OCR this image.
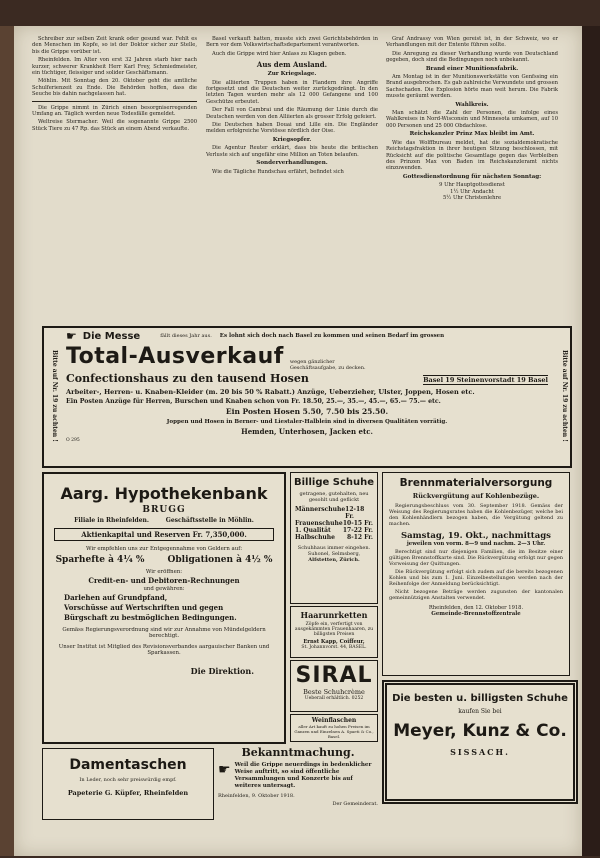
Schreiber zur selben Zeit krank oder gesund war. Fehlt es den Menschen im Kopfe, so ist der Doktor sicher zur Stelle, bis die Grippe vorüber ist.

Rheinfelden. Im Alter von erst 32 Jahren starb hier nach kurzer, schwerer Krankheit Herr Karl Frey, Schmiedmeister, ein tüchtiger, fleissiger und solider Geschäftsmann.

Möhlin. Mit Sonntag den 20. Oktober geht die amtliche Schulferienzeit zu Ende. Die Behörden hoffen, dass die Seuche bis dahin nachgelassen hat.

Die Grippe nimmt in Zürich einen besorgniserregenden Umfang an. Täglich werden neue Todesfälle gemeldet.

Weltreise Stermacher. Weil die sogenannte Grippe 2500 Stück Tiere zu 47 Rp. das Stück an einem Abend verkaufte.

Basel verkauft hatten, musste sich zwei Gerichtsbehörden in Bern vor dem Volkswirtschaftsdepartement verantworten.

Auch die Grippe wird hier Anlass zu Klagen geben.

Aus dem Ausland.
Zur Kriegslage.

Die alliierten Truppen haben in Flandern ihre Angriffe fortgesetzt und die Deutschen weiter zurückgedrängt. In den letzten Tagen wurden mehr als 12 000 Gefangene und 100 Geschütze erbeutet.

Der Fall von Cambrai und die Räumung der Linie durch die Deutschen werden von den Alliierten als grosser Erfolg gefeiert.

Die Deutschen haben Douai und Lille ein. Die Engländer melden erfolgreiche Vorstösse nördlich der Oise.

Kriegsopfer.

Die Agentur Reuter erklärt, dass bis heute die britischen Verluste sich auf ungefähr eine Million an Toten belaufen.

Sonderverhandlungen.

Wie die Tägliche Rundschau erfährt, befindet sich

Graf Andrassy von Wien gereist ist, in der Schweiz, wo er Verhandlungen mit der Entente führen sollte.

Die Anregung zu dieser Verhandlung wurde von Deutschland gegeben, doch sind die Bedingungen noch unbekannt.

Brand einer Munitionsfabrik.

Am Montag ist in der Munitionswerkstätte von Genfssing ein Brand ausgebrochen. Es gab zahlreiche Verwundete und grossen Sachschaden. Die Explosion hörte man weit herum. Die Fabrik musste geräumt werden.

Wahlkreis.

Man schätzt die Zahl der Personen, die infolge eines Wahlkreises in Nord-Wisconsin und Minnesota umkamen, auf 10 000 Personen und 25 000 Obdachlose.

Reichskanzler Prinz Max bleibt im Amt.

Wie das Wolffbureau meldet, hat die sozialdemokratische Reichstagsfraktion in ihrer heutigen Sitzung beschlossen, mit Rücksicht auf die politische Gesamtlage gegen das Verbleiben des Prinzen Max von Baden im Reichskanzleramt nichts einzuwenden.

Gottesdienstordnung für nächsten Sonntag:
9 Uhr Hauptgottesdienst
1½ Uhr Andacht
5½ Uhr Christenlehre
Bitte auf Nr. 19 zu achten !	Bitte auf Nr. 19 zu achten !
☛ Die Messe	fällt dieses Jahr aus. Es lohnt sich doch nach Basel zu kommen und seinen Bedarf im grossen
Total-Ausverkauf wegen gänzlicher Geschäftsaufgabe, zu decken.
Confectionshaus zu den tausend Hosen	Basel 19 Steinenvorstadt 19 Basel
Arbeiter-, Herren- u. Knaben-Kleider (m. 20 bis 50 % Rabatt.) Anzüge, Ueberzieher, Ulster, Joppen, Hosen etc.
Ein Posten Anzüge für Herren, Burschen und Knaben schon von Fr. 18.50, 25.—, 35.—, 45.—, 65.— 75.— etc.
Ein Posten Hosen 5.50, 7.50 bis 25.50.
Joppen und Hosen in Berner- und Liestaler-Halblein sind in diversen Qualitäten vorrätig.
Hemden, Unterhosen, Jacken etc.
O 295
Aarg. Hypothekenbank
BRUGG
Filiale in Rheinfelden.        Geschäftsstelle in Möhlin.
Aktienkapital und Reserven Fr. 7,350,000.
Wir empfehlen uns zur Entgegennahme von Geldern auf:
Sparhefte à 4¼ %	Obligationen à 4½ %
Wir eröffnen:
Credit-en- und Debitoren-Rechnungen
und gewähren:
Darlehen auf Grundpfand,
Vorschüsse auf Wertschriften und gegen
Bürgschaft zu bestmöglichen Bedingungen.
Gemäss Regierungsverordnung sind wir zur Annahme von Mündelgeldern berechtigt.
Unser Institut ist Mitglied des Revisionsverbandes aargauischer Banken und Sparkassen.
Die Direktion.
Billige Schuhe
getragene, gutehalten, neu gesohlt und geflickt
Männerschuhe 12-18 Fr.
Frauenschuhe 10-15 Fr.
1. Qualität 17-22 Fr.
Halbschuhe 8-12 Fr.
Schuhhaus immer eingehen.
Suhonel, Selmsberg,
Alfstetten, Zürich.
Haarunrketten
Zöpfe ein, verfertigt von ausgekämmten Frauenhaaren, zu billigsten Preisen
Ernst Kapp, Coiffeur,
St. Johannvorst. 44, BASEL.
SIRAL
Beste Schuhcrème
Ueberall erhältlich. 0252
Weinflaschen
aller Art kauft zu hohen Preisen im Ganzen und Einzelnen A. Spaeti & Co., Basel.
Brennmaterialversorgung
Rückvergütung auf Kohlenbezüge.

Regierungsbeschluss vom 30. September 1918. Gemäss der Weisung des Regierungsrates haben die Kohlenbezüger, welche bei den Kohlenhändlern bezogen haben, die Vergütung geltend zu machen.

Samstag, 19. Okt., nachmittags
jeweilen von vorm. 8—9 und nachm. 2—3 Uhr.

Berechtigt sind nur diejenigen Familien, die im Besitze einer gültigen Brennstoffkarte sind. Die Rückvergütung erfolgt nur gegen Vorweisung der Quittungen.

Die Rückvergütung erfolgt sich zudem auf die bereits bezogenen Kohlen und bis zum 1. Juni. Einzelbestellungen werden nach der Reihenfolge der Anmeldung berücksichtigt.

Nicht bezogene Beträge werden zugunsten der kantonalen gemeinnützigen Anstalten verwendet.

Rheinfelden, den 12. Oktober 1918.
Gemeinde-Brennstoffzentrale
Die besten u. billigsten Schuhe
kaufen Sie bei
Meyer, Kunz & Co.
SISSACH.
Damentaschen
In Leder, noch sehr preiswürdig empf.
Papeterie G. Küpfer, Rheinfelden
Bekanntmachung.
☛ Weil die Grippe neuerdings in bedenklicher Weise auftritt, so sind öffentliche Versammlungen und Konzerte bis auf weiteres untersagt.
Rheinfelden, 9. Oktober 1918.
Der Gemeinderat.
